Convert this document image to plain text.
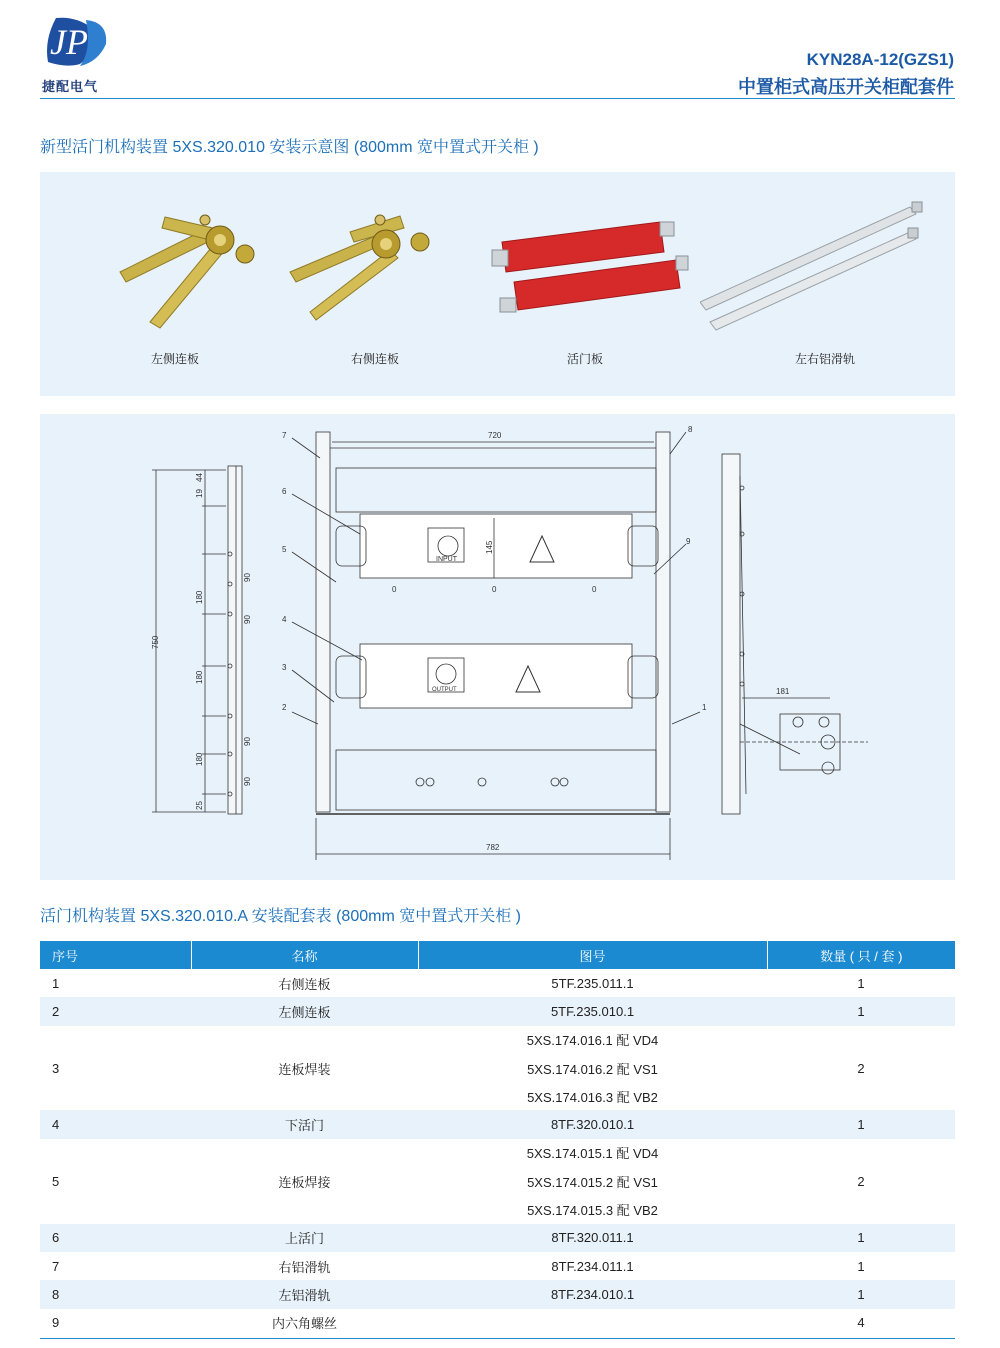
JP
捷配电气
KYN28A-12(GZS1)
中置柜式高压开关柜配套件
新型活门机构装置 5XS.320.010 安装示意图 (800mm 宽中置式开关柜 )
左侧连板	右侧连板	活门板	左右铝滑轨
750
19
44
180
90
90
180
180
90
90
25
720
782
INPUT
145
0	0	0
OUTPUT
1
2
3
4
5
6
7
8
9
181
活门机构装置 5XS.320.010.A 安装配套表 (800mm 宽中置式开关柜 )
序号	名称	图号	数量 ( 只 / 套 )
1	右侧连板	5TF.235.011.1	1
2	左侧连板	5TF.235.010.1	1
3	连板焊装	5XS.174.016.1 配 VD4	2
		5XS.174.016.2 配 VS1	
		5XS.174.016.3 配 VB2	
4	下活门	8TF.320.010.1	1
5	连板焊接	5XS.174.015.1 配 VD4	2
		5XS.174.015.2 配 VS1	
		5XS.174.015.3 配 VB2	
6	上活门	8TF.320.011.1	1
7	右铝滑轨	8TF.234.011.1	1
8	左铝滑轨	8TF.234.010.1	1
9	内六角螺丝		4
